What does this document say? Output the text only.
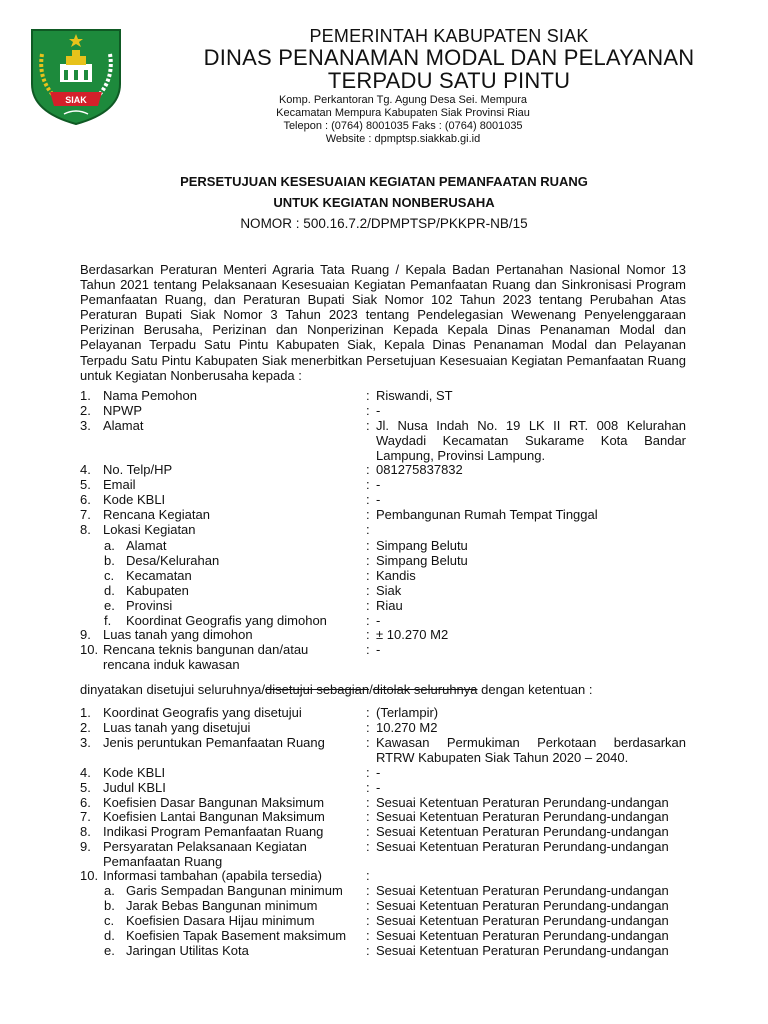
SIAK
PEMERINTAH KABUPATEN SIAK
DINAS PENANAMAN MODAL DAN PELAYANAN
TERPADU SATU PINTU
Komp. Perkantoran Tg. Agung Desa Sei. Mempura
Kecamatan Mempura Kabupaten Siak Provinsi Riau
Telepon : (0764) 8001035 Faks : (0764) 8001035
Website : dpmptsp.siakkab.gi.id
PERSETUJUAN KESESUAIAN KEGIATAN PEMANFAATAN RUANG
UNTUK KEGIATAN NONBERUSAHA
NOMOR : 500.16.7.2/DPMPTSP/PKKPR-NB/15
Berdasarkan Peraturan Menteri Agraria Tata Ruang / Kepala Badan Pertanahan Nasional Nomor 13 Tahun 2021 tentang Pelaksanaan Kesesuaian Kegiatan Pemanfaatan Ruang dan Sinkronisasi Program Pemanfaatan Ruang, dan Peraturan Bupati Siak Nomor 102 Tahun 2023 tentang Perubahan Atas Peraturan Bupati Siak Nomor 3 Tahun 2023 tentang Pendelegasian Wewenang Penyelenggaraan Perizinan Berusaha, Perizinan dan Nonperizinan Kepada Kepala Dinas Penanaman Modal dan Pelayanan Terpadu Satu Pintu Kabupaten Siak, Kepala Dinas Penanaman Modal dan Pelayanan Terpadu Satu Pintu Kabupaten Siak menerbitkan Persetujuan Kesesuaian Kegiatan Pemanfaatan Ruang untuk Kegiatan Nonberusaha kepada :
1. Nama Pemohon	: Riswandi, ST
2. NPWP	: -
3. Alamat	: Jl. Nusa Indah No. 19 LK II RT. 008 Kelurahan Waydadi Kecamatan Sukarame Kota Bandar Lampung, Provinsi Lampung.
4. No. Telp/HP	: 081275837832
5. Email	: -
6. Kode KBLI	: -
7. Rencana Kegiatan	: Pembangunan Rumah Tempat Tinggal
8. Lokasi Kegiatan	:
a. Alamat	: Simpang Belutu
b. Desa/Kelurahan	: Simpang Belutu
c. Kecamatan	: Kandis
d. Kabupaten	: Siak
e. Provinsi	: Riau
f. Koordinat Geografis yang dimohon	: -
9. Luas tanah yang dimohon	: ± 10.270 M2
10. Rencana teknis bangunan dan/atau rencana induk kawasan
: -
dinyatakan disetujui seluruhnya/disetujui sebagian/ditolak seluruhnya dengan ketentuan :
1. Koordinat Geografis yang disetujui	: (Terlampir)
2. Luas tanah yang disetujui	: 10.270 M2
3. Jenis peruntukan Pemanfaatan Ruang	: Kawasan Permukiman Perkotaan berdasarkan RTRW Kabupaten Siak Tahun 2020 – 2040.
4. Kode KBLI	: -
5. Judul KBLI	: -
6. Koefisien Dasar Bangunan Maksimum	: Sesuai Ketentuan Peraturan Perundang-undangan
7. Koefisien Lantai Bangunan Maksimum	: Sesuai Ketentuan Peraturan Perundang-undangan
8. Indikasi Program Pemanfaatan Ruang	: Sesuai Ketentuan Peraturan Perundang-undangan
9. Persyaratan Pelaksanaan Kegiatan Pemanfaatan Ruang
: Sesuai Ketentuan Peraturan Perundang-undangan
10. Informasi tambahan (apabila tersedia)	:
a. Garis Sempadan Bangunan minimum : Sesuai Ketentuan Peraturan Perundang-undangan
b. Jarak Bebas Bangunan minimum	: Sesuai Ketentuan Peraturan Perundang-undangan
c. Koefisien Dasara Hijau minimum	: Sesuai Ketentuan Peraturan Perundang-undangan
d. Koefisien Tapak Basement maksimum : Sesuai Ketentuan Peraturan Perundang-undangan
e. Jaringan Utilitas Kota	: Sesuai Ketentuan Peraturan Perundang-undangan
